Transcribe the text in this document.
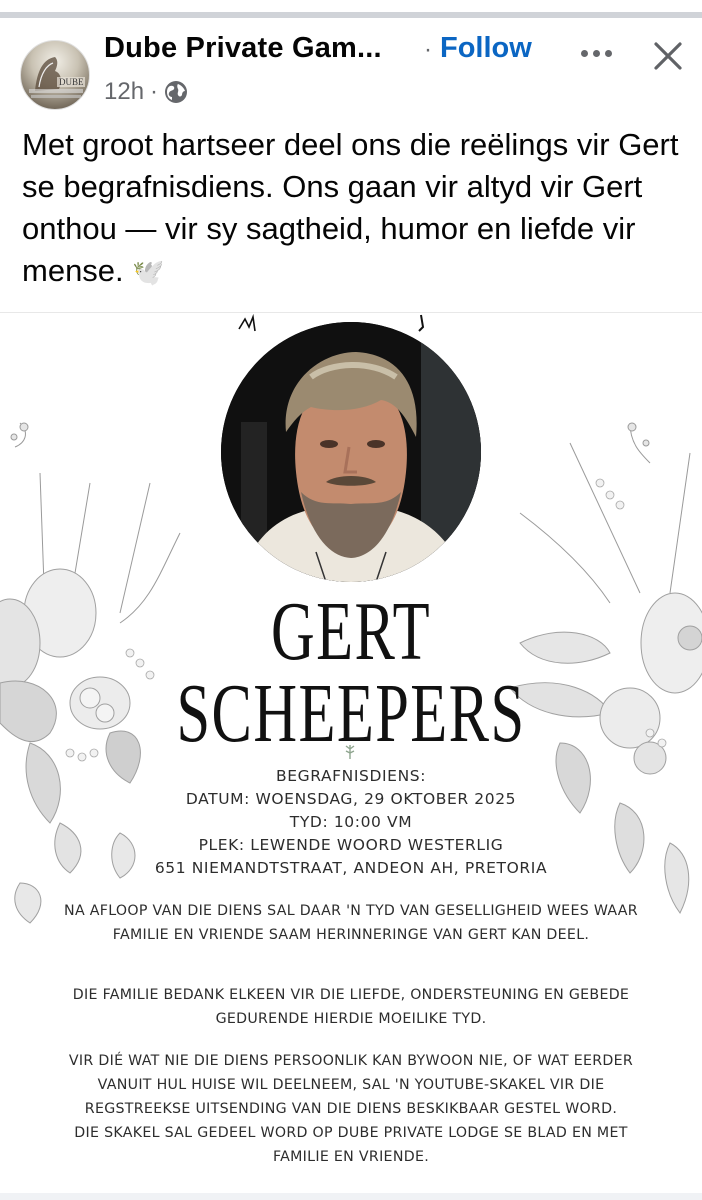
DUBE
Dube Private Gam... · Follow
12h ·
Met groot hartseer deel ons die reëlings vir Gert se begrafnisdiens. Ons gaan vir altyd vir Gert onthou — vir sy sagtheid, humor en liefde vir mense. 🕊️
GERT
SCHEEPERS
BEGRAFNISDIENS:
DATUM: WOENSDAG, 29 OKTOBER 2025
TYD: 10:00 VM
PLEK: LEWENDE WOORD WESTERLIG
651 NIEMANDTSTRAAT, ANDEON AH, PRETORIA
NA AFLOOP VAN DIE DIENS SAL DAAR 'N TYD VAN GESELLIGHEID WEES WAAR FAMILIE EN VRIENDE SAAM HERINNERINGE VAN GERT KAN DEEL.
DIE FAMILIE BEDANK ELKEEN VIR DIE LIEFDE, ONDERSTEUNING EN GEBEDE GEDURENDE HIERDIE MOEILIKE TYD.
VIR DIÉ WAT NIE DIE DIENS PERSOONLIK KAN BYWOON NIE, OF WAT EERDER VANUIT HUL HUISE WIL DEELNEEM, SAL 'N YOUTUBE-SKAKEL VIR DIE REGSTREEKSE UITSENDING VAN DIE DIENS BESKIKBAAR GESTEL WORD.
DIE SKAKEL SAL GEDEEL WORD OP DUBE PRIVATE LODGE SE BLAD EN MET FAMILIE EN VRIENDE.
